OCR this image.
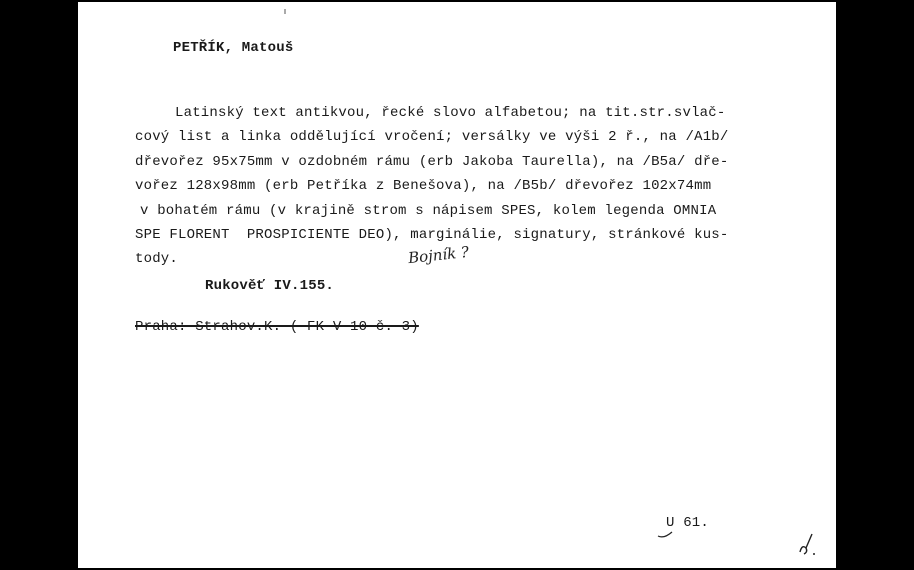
PETŘÍK, Matouš
Latinský text antikvou, řecké slovo alfabetou; na tit.str.svlač-
cový list a linka oddělující vročení; versálky ve výši 2 ř., na /A1b/
dřevořez 95x75mm v ozdobném rámu (erb Jakoba Taurella), na /B5a/ dře-
vořez 128x98mm (erb Petříka z Benešova), na /B5b/ dřevořez 102x74mm
v bohatém rámu (v krajině strom s nápisem SPES, kolem legenda OMNIA
SPE FLORENT  PROSPICIENTE DEO), marginálie, signatury, stránkové kus-
tody.	Bojník ?
Rukověť IV.155.
Praha: Strahov.K. ( FK V 10 č. 3)
U 61.
